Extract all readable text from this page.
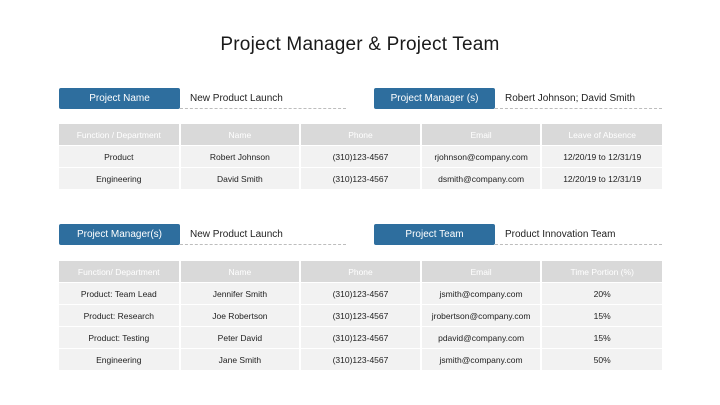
Project Manager & Project Team
Project Name	New Product Launch	Project Manager (s)	Robert Johnson; David Smith
Function / Department	Name	Phone	Email	Leave of Absence
Product	Robert Johnson	(310)123-4567	rjohnson@company.com	12/20/19 to 12/31/19
Engineering	David Smith	(310)123-4567	dsmith@company.com	12/20/19 to 12/31/19
Project Manager(s)	New Product Launch	Project Team	Product Innovation Team
Function/ Department	Name	Phone	Email	Time Portion (%)
Product: Team Lead	Jennifer Smith	(310)123-4567	jsmith@company.com	20%
Product: Research	Joe Robertson	(310)123-4567	jrobertson@company.com	15%
Product: Testing	Peter David	(310)123-4567	pdavid@company.com	15%
Engineering	Jane Smith	(310)123-4567	jsmith@company.com	50%
